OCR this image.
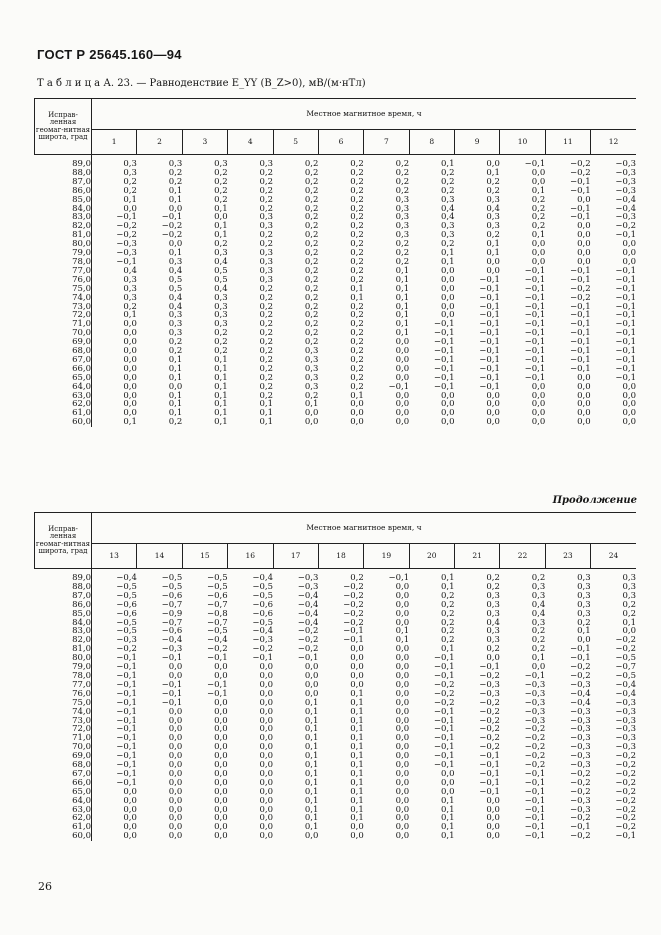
ГОСТ Р 25645.160—94
Т а б л и ц а А. 23. — Равноденствие E_YY (B_Z>0), мВ/(м·нТл)
Исправ-ленная геомаг-нитная широта, град	Местное магнитное время, ч											
	1	2	3	4	5	6	7	8	9	10	11	12
89,0	0,3	0,3	0,3	0,3	0,2	0,2	0,2	0,1	0,0	−0,1	−0,2	−0,3
88,0	0,3	0,2	0,2	0,2	0,2	0,2	0,2	0,2	0,1	0,0	−0,2	−0,3
87,0	0,2	0,2	0,2	0,2	0,2	0,2	0,2	0,2	0,2	0,0	−0,1	−0,3
86,0	0,2	0,1	0,2	0,2	0,2	0,2	0,2	0,2	0,2	0,1	−0,1	−0,3
85,0	0,1	0,1	0,2	0,2	0,2	0,2	0,3	0,3	0,3	0,2	0,0	−0,4
84,0	0,0	0,0	0,1	0,2	0,2	0,2	0,3	0,4	0,4	0,2	−0,1	−0,4
83,0	−0,1	−0,1	0,0	0,3	0,2	0,2	0,3	0,4	0,3	0,2	−0,1	−0,3
82,0	−0,2	−0,2	0,1	0,3	0,2	0,2	0,3	0,3	0,3	0,2	0,0	−0,2
81,0	−0,2	−0,2	0,1	0,2	0,2	0,2	0,3	0,3	0,2	0,1	0,0	−0,1
80,0	−0,3	0,0	0,2	0,2	0,2	0,2	0,2	0,2	0,1	0,0	0,0	0,0
79,0	−0,3	0,1	0,3	0,3	0,2	0,2	0,2	0,1	0,1	0,0	0,0	0,0
78,0	−0,1	0,3	0,4	0,3	0,2	0,2	0,2	0,1	0,0	0,0	0,0	0,0
77,0	0,4	0,4	0,5	0,3	0,2	0,2	0,1	0,0	0,0	−0,1	−0,1	−0,1
76,0	0,3	0,5	0,5	0,3	0,2	0,2	0,1	0,0	−0,1	−0,1	−0,1	−0,1
75,0	0,3	0,5	0,4	0,2	0,2	0,1	0,1	0,0	−0,1	−0,1	−0,2	−0,1
74,0	0,3	0,4	0,3	0,2	0,2	0,1	0,1	0,0	−0,1	−0,1	−0,2	−0,1
73,0	0,2	0,4	0,3	0,2	0,2	0,2	0,1	0,0	−0,1	−0,1	−0,1	−0,1
72,0	0,1	0,3	0,3	0,2	0,2	0,2	0,1	0,0	−0,1	−0,1	−0,1	−0,1
71,0	0,0	0,3	0,3	0,2	0,2	0,2	0,1	−0,1	−0,1	−0,1	−0,1	−0,1
70,0	0,0	0,3	0,2	0,2	0,2	0,2	0,1	−0,1	−0,1	−0,1	−0,1	−0,1
69,0	0,0	0,2	0,2	0,2	0,2	0,2	0,0	−0,1	−0,1	−0,1	−0,1	−0,1
68,0	0,0	0,2	0,2	0,2	0,3	0,2	0,0	−0,1	−0,1	−0,1	−0,1	−0,1
67,0	0,0	0,1	0,1	0,2	0,3	0,2	0,0	−0,1	−0,1	−0,1	−0,1	−0,1
66,0	0,0	0,1	0,1	0,2	0,3	0,2	0,0	−0,1	−0,1	−0,1	−0,1	−0,1
65,0	0,0	0,1	0,1	0,2	0,3	0,2	0,0	−0,1	−0,1	−0,1	0,0	−0,1
64,0	0,0	0,0	0,1	0,2	0,3	0,2	−0,1	−0,1	−0,1	0,0	0,0	0,0
63,0	0,0	0,1	0,1	0,2	0,2	0,1	0,0	0,0	0,0	0,0	0,0	0,0
62,0	0,0	0,1	0,1	0,1	0,1	0,0	0,0	0,0	0,0	0,0	0,0	0,0
61,0	0,0	0,1	0,1	0,1	0,0	0,0	0,0	0,0	0,0	0,0	0,0	0,0
60,0	0,1	0,2	0,1	0,1	0,0	0,0	0,0	0,0	0,0	0,0	0,0	0,0
Продолжение
Исправ-ленная геомаг-нитная широта, град	Местное магнитное время, ч											
	13	14	15	16	17	18	19	20	21	22	23	24
89,0	−0,4	−0,5	−0,5	−0,4	−0,3	0,2	−0,1	0,1	0,2	0,2	0,3	0,3
88,0	−0,5	−0,5	−0,5	−0,5	−0,3	−0,2	0,0	0,1	0,2	0,3	0,3	0,3
87,0	−0,5	−0,6	−0,6	−0,5	−0,4	−0,2	0,0	0,2	0,3	0,3	0,3	0,3
86,0	−0,6	−0,7	−0,7	−0,6	−0,4	−0,2	0,0	0,2	0,3	0,4	0,3	0,2
85,0	−0,6	−0,9	−0,8	−0,6	−0,4	−0,2	0,0	0,2	0,3	0,4	0,3	0,2
84,0	−0,5	−0,7	−0,7	−0,5	−0,4	−0,2	0,0	0,2	0,4	0,3	0,2	0,1
83,0	−0,5	−0,6	−0,5	−0,4	−0,2	−0,1	0,1	0,2	0,3	0,2	0,1	0,0
82,0	−0,3	−0,4	−0,4	−0,3	−0,2	−0,1	0,1	0,2	0,3	0,2	0,0	−0,2
81,0	−0,2	−0,3	−0,2	−0,2	−0,2	0,0	0,0	0,1	0,2	0,2	−0,1	−0,2
80,0	−0,1	−0,1	−0,1	−0,1	−0,1	0,0	0,0	−0,1	0,0	0,1	−0,1	−0,5
79,0	−0,1	0,0	0,0	0,0	0,0	0,0	0,0	−0,1	−0,1	0,0	−0,2	−0,7
78,0	−0,1	0,0	0,0	0,0	0,0	0,0	0,0	−0,1	−0,2	−0,1	−0,2	−0,5
77,0	−0,1	−0,1	−0,1	0,0	0,0	0,0	0,0	−0,2	−0,3	−0,3	−0,3	−0,4
76,0	−0,1	−0,1	−0,1	0,0	0,0	0,1	0,0	−0,2	−0,3	−0,3	−0,4	−0,4
75,0	−0,1	−0,1	0,0	0,0	0,1	0,1	0,0	−0,2	−0,2	−0,3	−0,4	−0,3
74,0	−0,1	0,0	0,0	0,0	0,1	0,1	0,0	−0,1	−0,2	−0,3	−0,3	−0,3
73,0	−0,1	0,0	0,0	0,0	0,1	0,1	0,0	−0,1	−0,2	−0,3	−0,3	−0,3
72,0	−0,1	0,0	0,0	0,0	0,1	0,1	0,0	−0,1	−0,2	−0,2	−0,3	−0,3
71,0	−0,1	0,0	0,0	0,0	0,1	0,1	0,0	−0,1	−0,2	−0,2	−0,3	−0,3
70,0	−0,1	0,0	0,0	0,0	0,1	0,1	0,0	−0,1	−0,2	−0,2	−0,3	−0,3
69,0	−0,1	0,0	0,0	0,0	0,1	0,1	0,0	−0,1	−0,1	−0,2	−0,3	−0,2
68,0	−0,1	0,0	0,0	0,0	0,1	0,1	0,0	−0,1	−0,1	−0,2	−0,3	−0,2
67,0	−0,1	0,0	0,0	0,0	0,1	0,1	0,0	0,0	−0,1	−0,1	−0,2	−0,2
66,0	−0,1	0,0	0,0	0,0	0,1	0,1	0,0	0,0	−0,1	−0,1	−0,2	−0,2
65,0	0,0	0,0	0,0	0,0	0,1	0,1	0,0	0,0	−0,1	−0,1	−0,2	−0,2
64,0	0,0	0,0	0,0	0,0	0,1	0,1	0,0	0,1	0,0	−0,1	−0,3	−0,2
63,0	0,0	0,0	0,0	0,0	0,1	0,1	0,0	0,1	0,0	−0,1	−0,3	−0,2
62,0	0,0	0,0	0,0	0,0	0,1	0,1	0,0	0,1	0,0	−0,1	−0,2	−0,2
61,0	0,0	0,0	0,0	0,0	0,1	0,0	0,0	0,1	0,0	−0,1	−0,1	−0,2
60,0	0,0	0,0	0,0	0,0	0,0	0,0	0,0	0,1	0,0	−0,1	−0,2	−0,1
26
